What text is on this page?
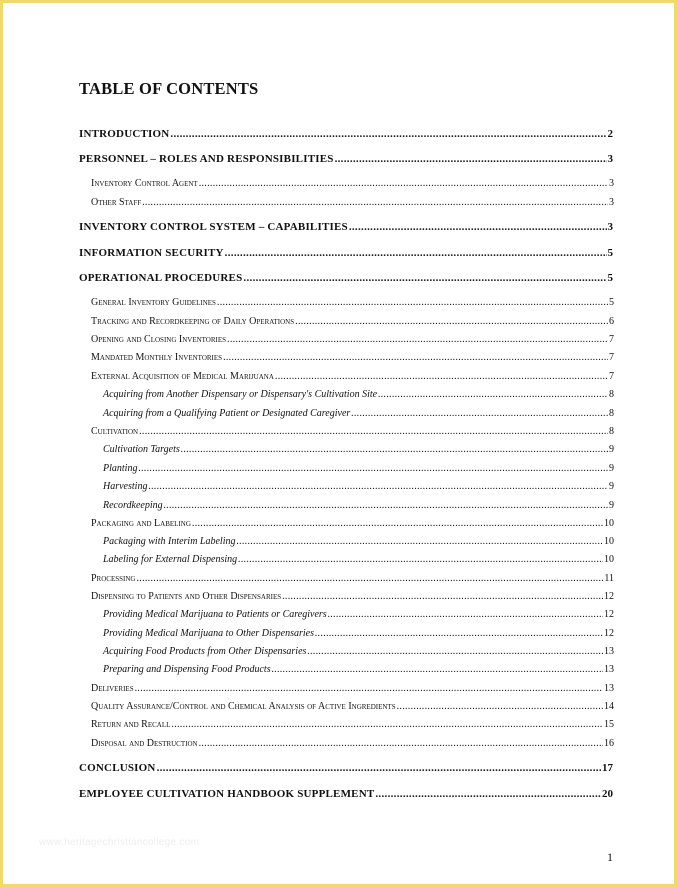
TABLE OF CONTENTS
INTRODUCTION .....	2
PERSONNEL – ROLES AND RESPONSIBILITIES .....	3
Inventory Control Agent .....	3
Other Staff .....	3
INVENTORY CONTROL SYSTEM – CAPABILITIES .....	3
INFORMATION SECURITY .....	5
OPERATIONAL PROCEDURES .....	5
General Inventory Guidelines .....	5
Tracking and Recordkeeping of Daily Operations .....	6
Opening and Closing Inventories .....	7
Mandated Monthly Inventories .....	7
External Acquisition of Medical Marijuana .....	7
Acquiring from Another Dispensary or Dispensary's Cultivation Site .....	8
Acquiring from a Qualifying Patient or Designated Caregiver .....	8
Cultivation .....	8
Cultivation Targets .....	9
Planting .....	9
Harvesting .....	9
Recordkeeping .....	9
Packaging and Labeling .....	10
Packaging with Interim Labeling .....	10
Labeling for External Dispensing .....	10
Processing .....	11
Dispensing to Patients and Other Dispensaries .....	12
Providing Medical Marijuana to Patients or Caregivers .....	12
Providing Medical Marijuana to Other Dispensaries .....	12
Acquiring Food Products from Other Dispensaries .....	13
Preparing and Dispensing Food Products .....	13
Deliveries .....	13
Quality Assurance/Control and Chemical Analysis of Active Ingredients .....	14
Return and Recall .....	15
Disposal and Destruction .....	16
CONCLUSION .....	17
EMPLOYEE CULTIVATION HANDBOOK SUPPLEMENT .....	20
www.heritagechristiancollege.com
1
